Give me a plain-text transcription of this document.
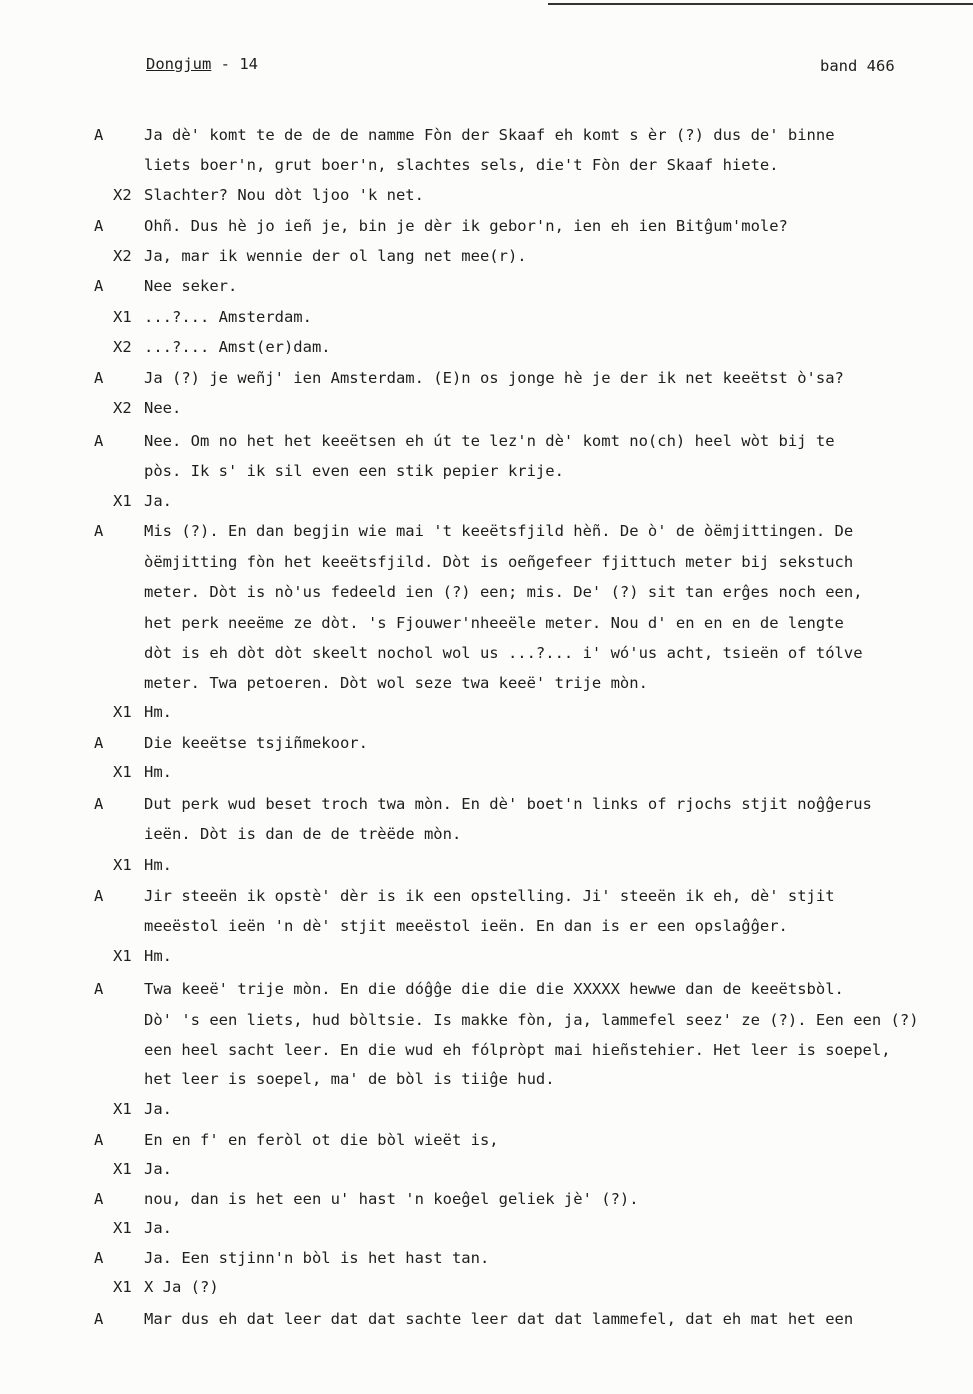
Dongjum - 14	band 466
A	Ja dè' komt te de de de namme Fòn der Skaaf eh komt s èr (?) dus de' binne
liets boer'n, grut boer'n, slachtes sels, die't Fòn der Skaaf hiete.
X2 Slachter? Nou dòt ljoo 'k net.
A	Ohñ. Dus hè jo ieñ je, bin je dèr ik gebor'n, ien eh ien Bitĝum'mole?
X2 Ja, mar ik wennie der ol lang net mee(r).
A	Nee seker.
X1 ...?... Amsterdam.
X2 ...?... Amst(er)dam.
A	Ja (?) je weñj' ien Amsterdam. (E)n os jonge hè je der ik net keeëtst ò'sa?
X2 Nee.
A	Nee. Om no het het keeëtsen eh út te lez'n dè' komt no(ch) heel wòt bij te
pòs. Ik s' ik sil even een stik pepier krije.
X1 Ja.
A	Mis (?). En dan begjin wie mai 't keeëtsfjild hèñ. De ò' de òëmjittingen. De
òëmjitting fòn het keeëtsfjild. Dòt is oeñgefeer fjittuch meter bij sekstuch
meter. Dòt is nò'us fedeeld ien (?) een; mis. De' (?) sit tan erĝes noch een,
het perk neeëme ze dòt. 's Fjouwer'nheeële meter. Nou d' en en en de lengte
dòt is eh dòt dòt skeelt nochol wol us ...?... i' wó'us acht, tsieën of tólve
meter. Twa petoeren. Dòt wol seze twa keeë' trije mòn.
X1 Hm.
A	Die keeëtse tsjiñmekoor.
X1 Hm.
A	Dut perk wud beset troch twa mòn. En dè' boet'n links of rjochs stjit noĝĝerus
ieën. Dòt is dan de de trèëde mòn.
X1 Hm.
A	Jir steeën ik opstè' dèr is ik een opstelling. Ji' steeën ik eh, dè' stjit
meeëstol ieën 'n dè' stjit meeëstol ieën. En dan is er een opslaĝĝer.
X1 Hm.
A	Twa keeë' trije mòn. En die dóĝĝe die die die XXXXX hewwe dan de keeëtsbòl.
Dò' 's een liets, hud bòltsie. Is makke fòn, ja, lammefel seez' ze (?). Een een (?)
een heel sacht leer. En die wud eh fólpròpt mai hieñstehier. Het leer is soepel,
het leer is soepel, ma' de bòl is tiiĝe hud.
X1 Ja.
A	En en f' en feròl ot die bòl wieët is,
X1 Ja.
A	nou, dan is het een u' hast 'n koeĝel geliek jè' (?).
X1 Ja.
A	Ja. Een stjinn'n bòl is het hast tan.
X1 X Ja (?)
A	Mar dus eh dat leer dat dat sachte leer dat dat lammefel, dat eh mat het een
